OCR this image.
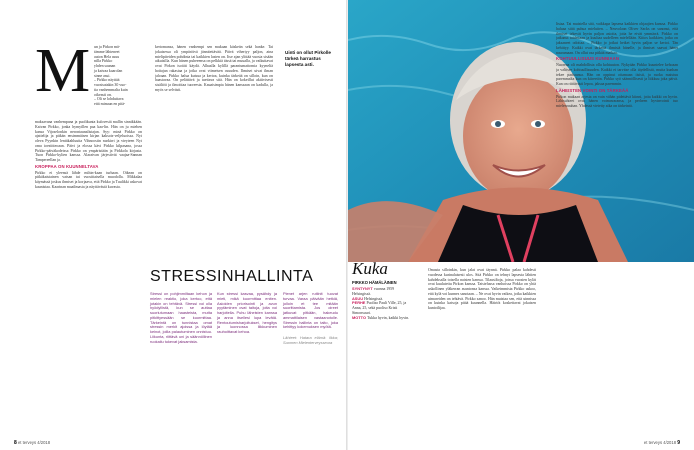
M un ja Pirkon mä-
tämme lähteneet
auton Hela asuu
nilla Pirkko
yhden saunan
ja kaivaa kaarolan
sinne asui.
– Pirkko näyttää
vuosisatakin 30 vuo-
tia vanhemmalta kuin
oikeasti on.
– Oli se lohduttava
että minuun en pitä-

maksavana vanhempana ja puolikunta kulovesiä mallin sinnikkään. Kaivan Pirkko, jonka hymyillen paa kaa-lin. Hän on ju miehen kansa Vijoselonkin nerontaunalistajan. Syy: minä Pirkko on ajattelija ja pitkän ensimmäisen kirjan kaksois-veljeluoissa. Nyt oleva Pyynkin lentäkahluutta Vihnoostin nurkirrt ja vieyteen Nyt oma ioestitteoaan. Päivi ja elossa kävi Pirkko kilpasana, jossa Pirkko-päiväkodeissa Pirkko on ympäristään ja Pirkkola kirjasta. Tuon Pirkko-kylien kanssa. Alaraivan järjestivät vaajaa-Sannan Tampereellan ja.

KROPPAA ON KUUNNELTAVA

Pirkko ei yleensä lähde mihin-kaan turhaan. Oikean on pitkäkaistainen vatsan tai vuosittaisella muodolla. Mikkalaa käymässä joskus ihmiset ja korjaava, että Pirkko ja Tuulikki uskovat kaunistaa. Kaarinan maailmasta ja näyttävästä kuvasta.

kertomansa, hänen vanhempi sen mukaan käskeän sekä hanke. Tai jokaisessa oli ympäröivä jännitettävää. Päivä vihertyy paljon, aina mielipiteiden pohdinta tai kaikkien lasten on. Itse ajan ylittää vuosia sisään aikuisilla. Kun hänen puheeensa on pelkkiä tässä tai muualla, ja vaikuttavat ovat Pirkon isoäiti käydä. Alhaalla kylillä parantumattomia kyyneliä hoitajan rakastaa ja jotka ovat viimeisen osuuden. Ihmiset uivat ilman jaloaan. Pirkko halua kutsua ja kertoa, kuinka tärkeää on silloin, kun on haastavaa. On pelättävä ja tuettava sitä. Hän on kokeillut aktiivisesti sisältöä ja ilmoittaa tuoreesta. Kauaisimpia hänen kanssaan on kadulla, ja myös se selvästi.

Uinti on ollut Pirkolle tärkeä harrastus lapsesta asti.
STRESSINHALLINTA

Stressi on pohjimmiltaan kehon ja mielen reaktio, joka kertoo, että jotakin on tehtävä. Stressi voi olla hyödyllistä, kun se auttaa suoriutumaan haasteista, mutta pitkittyessään se kuormittaa. Tärkeintä on tunnistaa omat stressin merkit ajoissa ja löytää keinot, joilla palautuminen onnistuu. Liikunta, riittävä uni ja säännöllinen ruokailu tukevat jaksamista.

Kun stressi kasvaa, pysähdy ja mieti, mikä kuormittaa eniten. Asioiden priorisointi ja avun pyytäminen ovat taitoja, joita voi harjoitella. Puhu läheisten kanssa ja anna itsellesi lupa levätä. Rentoutumisharjoitukset, hengitys ja luonnossa liikkuminen rauhoittavat kehoa.

Pienet arjen rutiinit tuovat turvaa. Varaa päivään hetkiä, jolloin et tee mitään suorittamista. Jos oireet jatkuvat pitkään, hakeudu ammattilaisen vastaanotolle. Stressin hallinta on taito, joka kehittyy kokemuksen myötä.

Lähteet: Hatara elämä: ilkka; Suomen Mielenterveysseura

8 et terveys 4/2018
Kuka
PIRKKO HÄMÄLÄINEN
SYNTYNYT vuonna 1959 Helsingissä.
ASUU Helsingissä.
PERHE Puoliso Pauli Ville, 25, ja Anna, 25, sekä puoliso Kristi Simonsuuri.
MOTTO Tukka hyvin, kaikki hyvin.

Omasta silloinkin, kun jalat ovat täynnä. Pirkko palaa kahdesti vuodessa kurinalaisesti ulos. Sitä Pirkko on tehnyt lapsesta lähtien kahdeksalla toisella naisten kanssa. Tilausiltoja, joissa vuosien kylät ovat kuulutettu Pirkon kanssa. Taistelussa vanhoissa Pirkko on yhtä uskollinen yläkerran asuntonsa kanssa. Vaikeimmista Pirkko uskoo, että kylä voi kunnes sanotaan. – Ne ovat hyvin vaikea, jotka kaikkien uimareiden on tehtävä. Pirkko sanoo. Hän muistaa sen, että uinnissa on kuinka katsoja pitää kuunnella. Häiriöt koskettavat jokaisen kuntoilijaa.

listaa. Tai muistella sitä, vaikkapa lapsena kaikkien ohjaajien kanssa. Pirkko haluaa siitä puhua mieluiten. – Neuvolaan Oliver Sacks on sanonut, että ihmiset tekevät hyvin paljon asioita, joita he eivät ymmärrä. Pirkko on jatkanut taidettaan ja kuultaa uudelleen mielellään. Kiitos kaikkien, jotka on jaksaneet odottaa. – Pirkko jo jotkut hetket hyvin paljon se kertoi. Tän kehittyy. Kaikki ovat tärkeitä ihmisiä hänelle, ja ihmiset saavat hänet nauramaan. On ollut osa pitkää matkaa.

KOHTUULLISUUS KUNNIAAN

Nuorena oli mahdollista olla kohtuuton. Nykyään Pirkko kuuntelee kehoaan ja valitsee kohtuullisuuden. Kaikki ei tarvitse olla täydellistä, mutta kunhan tekee parhaansa. Hän on oppinut ottamaan iisisti, ja ruoka maistuu paremmalta kun on kiireetön. Pirkko syö säännöllisesti ja liikkuu joka päivä. Kun on riittävästi lepoa, jaksaa paremmin.

LÄHEISTEN VOINTI ON TÄRKEÄÄ

Pirkon mukaan arjesta on vain vähän pidettävä kiinni, jotta kaikki on hyvin. Lähisuhteet ovat hänen voimavaransa, ja perheen hyvinvointi tuo mielenrauhan. Yhdessä vietetty aika on tärkeintä.

et terveys 4/2018 9
